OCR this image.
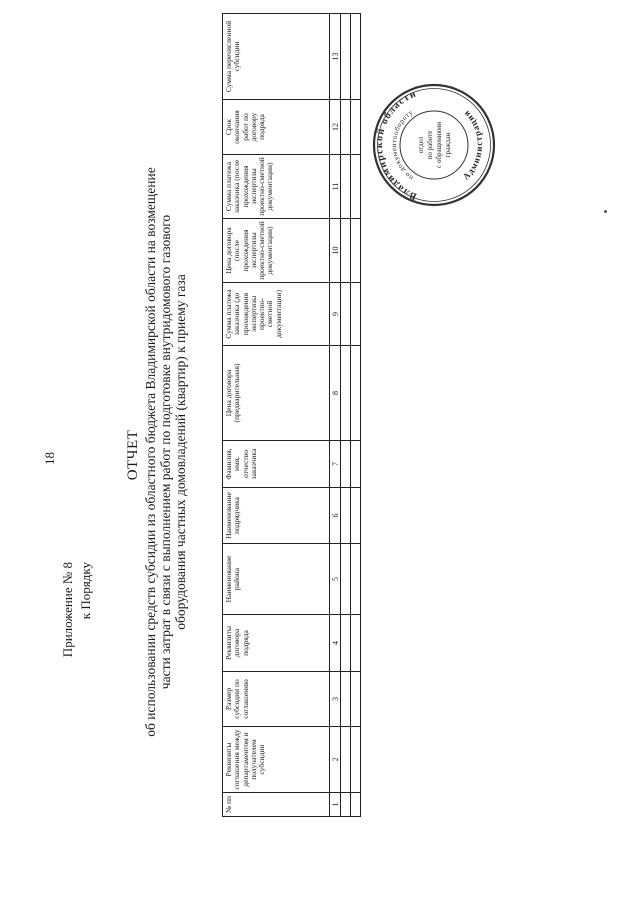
18
Приложение № 8 к Порядку
ОТЧЕТ об использовании средств субсидии из областного бюджета Владимирской области на возмещение части затрат в связи с выполнением работ по подготовке внутридомового газового оборудования частных домовладений (квартир) к приему газа
№ пп	Реквизиты соглашения между департаментом и получателем субсидии	Размер субсидии по соглашению	Реквизиты договора подряда	Наименование района	Наименование подрядчика	Фамилия, имя, отчество заказчика	Цена договора (предварительная)	Сумма платежа заказчика (до прохождения экспертизы проектно-сметной документации)	Цена договора (после прохождения экспертизы проектно-сметной документации)	Сумма платежа заказчика (после прохождения экспертизы проектно-сметной документации)	Срок окончания работ по договору подряда	Сумма перечисленной субсидии
1	2	3	4	5	6	7	8	9	10	11	12	13

Владимирской области
Администрация
по документообороту
отдел по работе с обращениями граждан
